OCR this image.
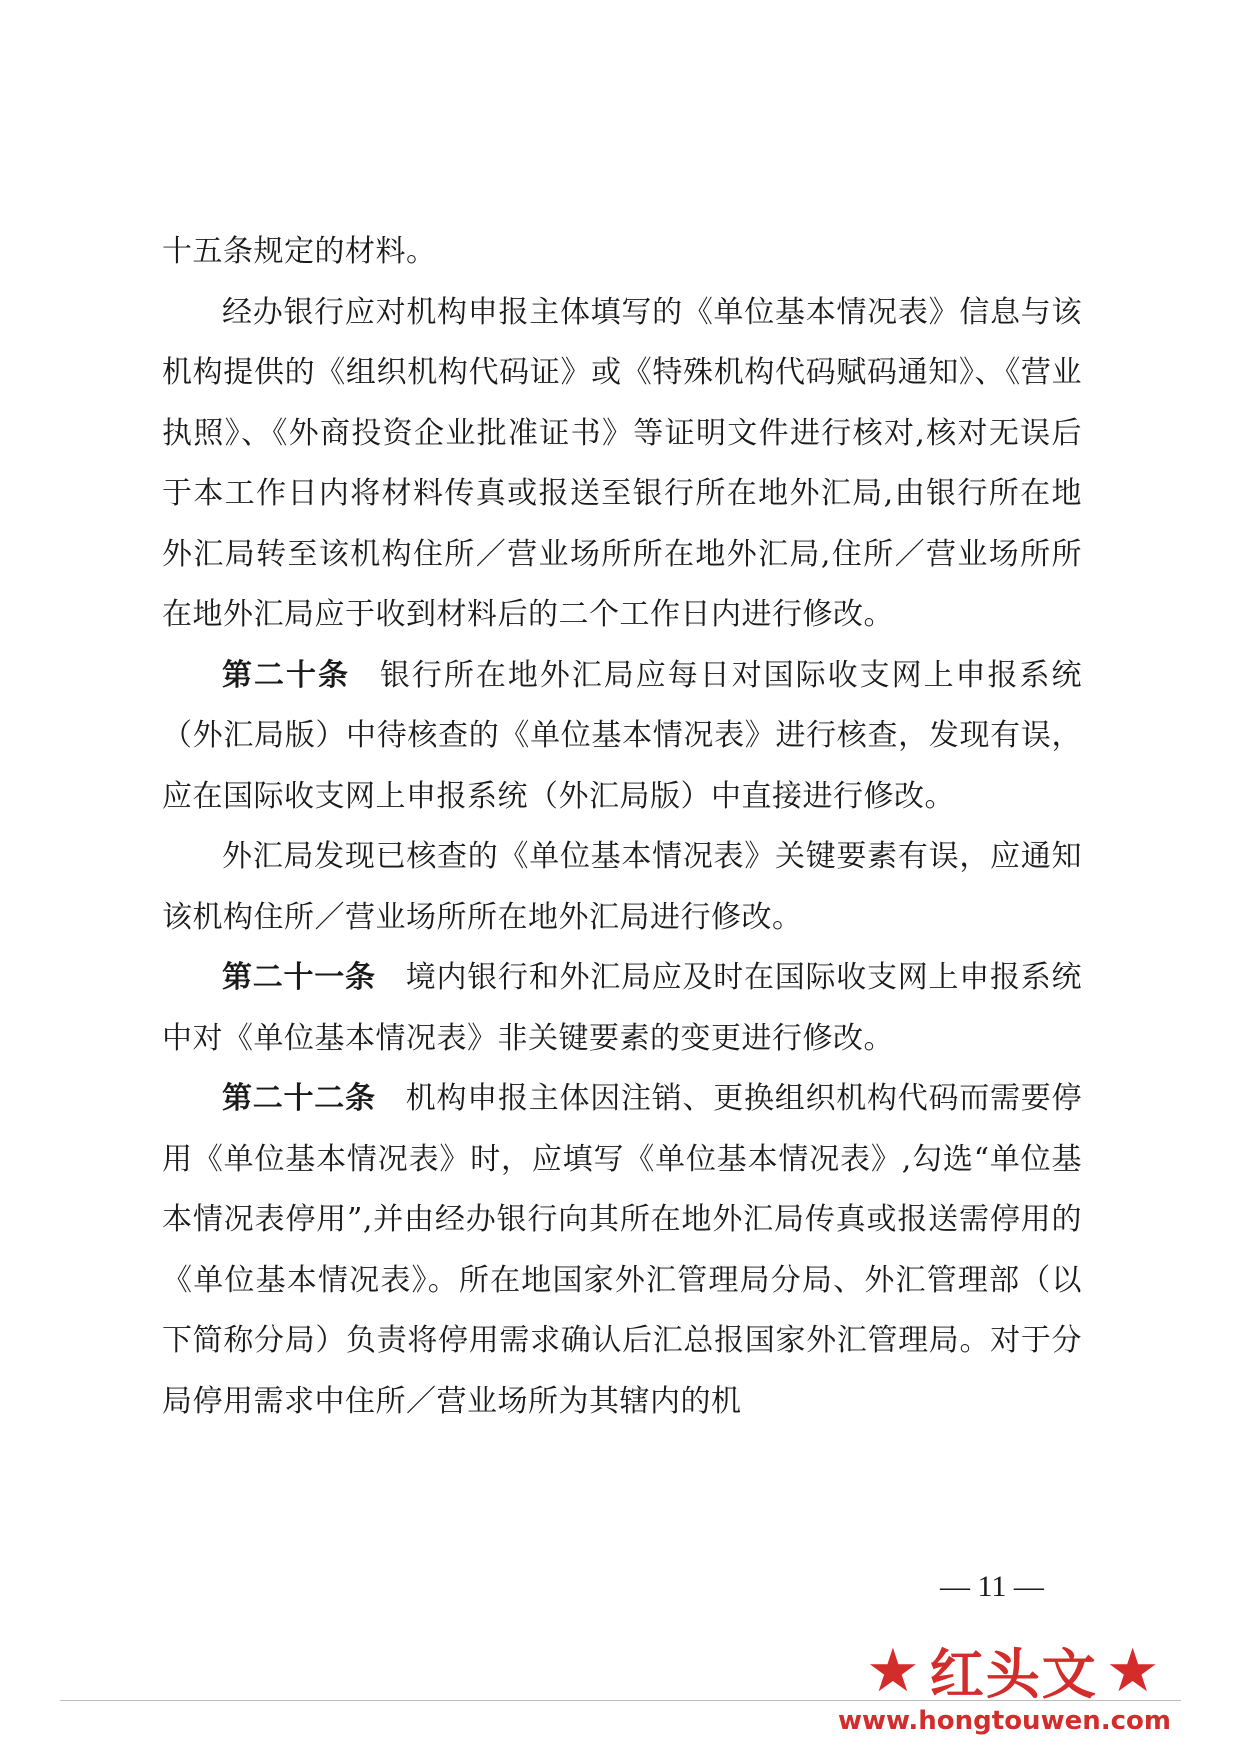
十五条规定的材料。

经办银行应对机构申报主体填写的《单位基本情况表》信息与该机构提供的《组织机构代码证》或《特殊机构代码赋码通知》、《营业执照》、《外商投资企业批准证书》等证明文件进行核对,核对无误后于本工作日内将材料传真或报送至银行所在地外汇局,由银行所在地外汇局转至该机构住所／营业场所所在地外汇局,住所／营业场所所在地外汇局应于收到材料后的二个工作日内进行修改。

第二十条 银行所在地外汇局应每日对国际收支网上申报系统（外汇局版）中待核查的《单位基本情况表》进行核查，发现有误，应在国际收支网上申报系统（外汇局版）中直接进行修改。

外汇局发现已核查的《单位基本情况表》关键要素有误，应通知该机构住所／营业场所所在地外汇局进行修改。

第二十一条 境内银行和外汇局应及时在国际收支网上申报系统中对《单位基本情况表》非关键要素的变更进行修改。

第二十二条 机构申报主体因注销、更换组织机构代码而需要停用《单位基本情况表》时，应填写《单位基本情况表》,勾选“单位基本情况表停用”,并由经办银行向其所在地外汇局传真或报送需停用的《单位基本情况表》。所在地国家外汇管理局分局、外汇管理部（以下简称分局）负责将停用需求确认后汇总报国家外汇管理局。对于分局停用需求中住所／营业场所为其辖内的机

— 11 —
★ 红头文 ★
www.hongtouwen.com
